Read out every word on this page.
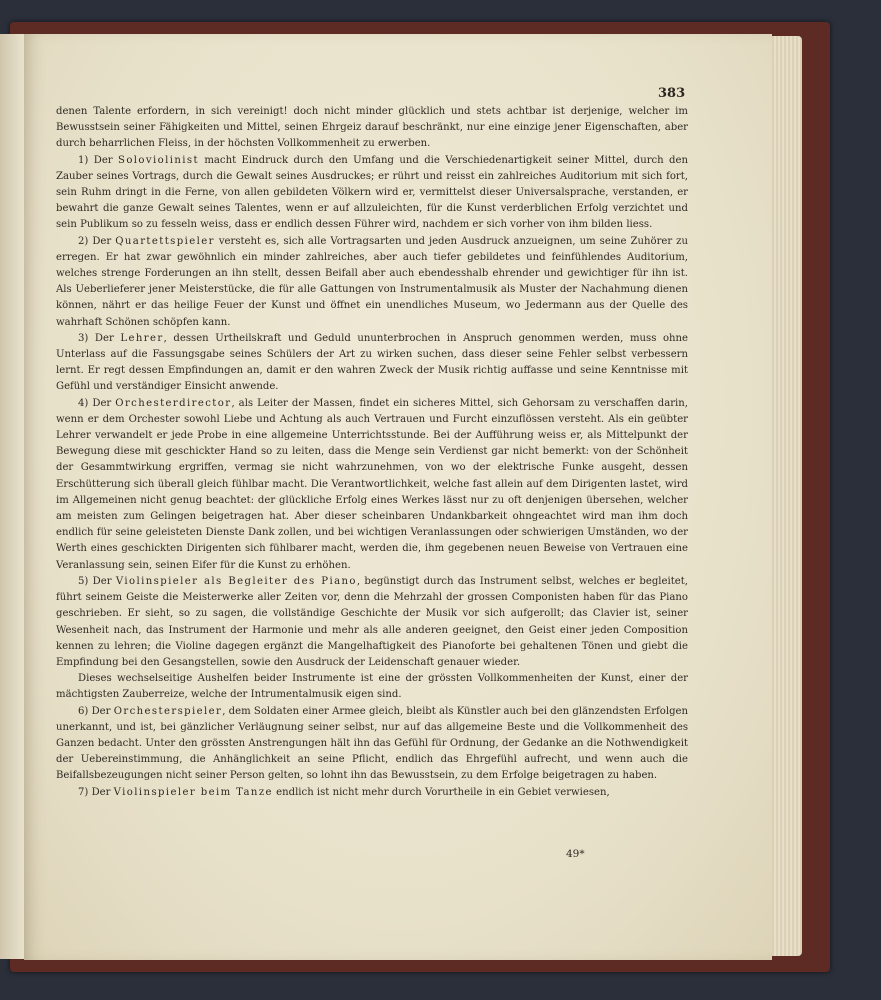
383

denen Talente erfordern, in sich vereinigt! doch nicht minder glücklich und stets achtbar ist derjenige, welcher im Bewusstsein seiner Fähigkeiten und Mittel, seinen Ehrgeiz darauf beschränkt, nur eine einzige jener Eigenschaften, aber durch beharrlichen Fleiss, in der höchsten Vollkommenheit zu erwerben.

1) Der Soloviolinist macht Eindruck durch den Umfang und die Verschiedenartigkeit seiner Mittel, durch den Zauber seines Vortrags, durch die Gewalt seines Ausdruckes; er rührt und reisst ein zahlreiches Auditorium mit sich fort, sein Ruhm dringt in die Ferne, von allen gebildeten Völkern wird er, vermittelst dieser Universalsprache, verstanden, er bewahrt die ganze Gewalt seines Talentes, wenn er auf allzuleichten, für die Kunst verderblichen Erfolg verzichtet und sein Publikum so zu fesseln weiss, dass er endlich dessen Führer wird, nachdem er sich vorher von ihm bilden liess.

2) Der Quartettspieler versteht es, sich alle Vortragsarten und jeden Ausdruck anzueignen, um seine Zuhörer zu erregen. Er hat zwar gewöhnlich ein minder zahlreiches, aber auch tiefer gebildetes und feinfühlendes Auditorium, welches strenge Forderungen an ihn stellt, dessen Beifall aber auch ebendesshalb ehrender und gewichtiger für ihn ist. Als Ueberlieferer jener Meisterstücke, die für alle Gattungen von Instrumentalmusik als Muster der Nachahmung dienen können, nährt er das heilige Feuer der Kunst und öffnet ein unendliches Museum, wo Jedermann aus der Quelle des wahrhaft Schönen schöpfen kann.

3) Der Lehrer, dessen Urtheilskraft und Geduld ununterbrochen in Anspruch genommen werden, muss ohne Unterlass auf die Fassungsgabe seines Schülers der Art zu wirken suchen, dass dieser seine Fehler selbst verbessern lernt. Er regt dessen Empfindungen an, damit er den wahren Zweck der Musik richtig auffasse und seine Kenntnisse mit Gefühl und verständiger Einsicht anwende.

4) Der Orchesterdirector, als Leiter der Massen, findet ein sicheres Mittel, sich Gehorsam zu verschaffen darin, wenn er dem Orchester sowohl Liebe und Achtung als auch Vertrauen und Furcht einzuflössen versteht. Als ein geübter Lehrer verwandelt er jede Probe in eine allgemeine Unterrichtsstunde. Bei der Aufführung weiss er, als Mittelpunkt der Bewegung diese mit geschickter Hand so zu leiten, dass die Menge sein Verdienst gar nicht bemerkt: von der Schönheit der Gesammtwirkung ergriffen, vermag sie nicht wahrzunehmen, von wo der elektrische Funke ausgeht, dessen Erschütterung sich überall gleich fühlbar macht. Die Verantwortlichkeit, welche fast allein auf dem Dirigenten lastet, wird im Allgemeinen nicht genug beachtet: der glückliche Erfolg eines Werkes lässt nur zu oft denjenigen übersehen, welcher am meisten zum Gelingen beigetragen hat. Aber dieser scheinbaren Undankbarkeit ohngeachtet wird man ihm doch endlich für seine geleisteten Dienste Dank zollen, und bei wichtigen Veranlassungen oder schwierigen Umständen, wo der Werth eines geschickten Dirigenten sich fühlbarer macht, werden die, ihm gegebenen neuen Beweise von Vertrauen eine Veranlassung sein, seinen Eifer für die Kunst zu erhöhen.

5) Der Violinspieler als Begleiter des Piano, begünstigt durch das Instrument selbst, welches er begleitet, führt seinem Geiste die Meisterwerke aller Zeiten vor, denn die Mehrzahl der grossen Componisten haben für das Piano geschrieben. Er sieht, so zu sagen, die vollständige Geschichte der Musik vor sich aufgerollt; das Clavier ist, seiner Wesenheit nach, das Instrument der Harmonie und mehr als alle anderen geeignet, den Geist einer jeden Composition kennen zu lehren; die Violine dagegen ergänzt die Mangelhaftigkeit des Pianoforte bei gehaltenen Tönen und giebt die Empfindung bei den Gesangstellen, sowie den Ausdruck der Leidenschaft genauer wieder.

Dieses wechselseitige Aushelfen beider Instrumente ist eine der grössten Vollkommenheiten der Kunst, einer der mächtigsten Zauberreize, welche der Intrumentalmusik eigen sind.

6) Der Orchesterspieler, dem Soldaten einer Armee gleich, bleibt als Künstler auch bei den glänzendsten Erfolgen unerkannt, und ist, bei gänzlicher Verläugnung seiner selbst, nur auf das allgemeine Beste und die Vollkommenheit des Ganzen bedacht. Unter den grössten Anstrengungen hält ihn das Gefühl für Ordnung, der Gedanke an die Nothwendigkeit der Uebereinstimmung, die Anhänglichkeit an seine Pflicht, endlich das Ehrgefühl aufrecht, und wenn auch die Beifallsbezeugungen nicht seiner Person gelten, so lohnt ihn das Bewusstsein, zu dem Erfolge beigetragen zu haben.

7) Der Violinspieler beim Tanze endlich ist nicht mehr durch Vorurtheile in ein Gebiet verwiesen,

49*
